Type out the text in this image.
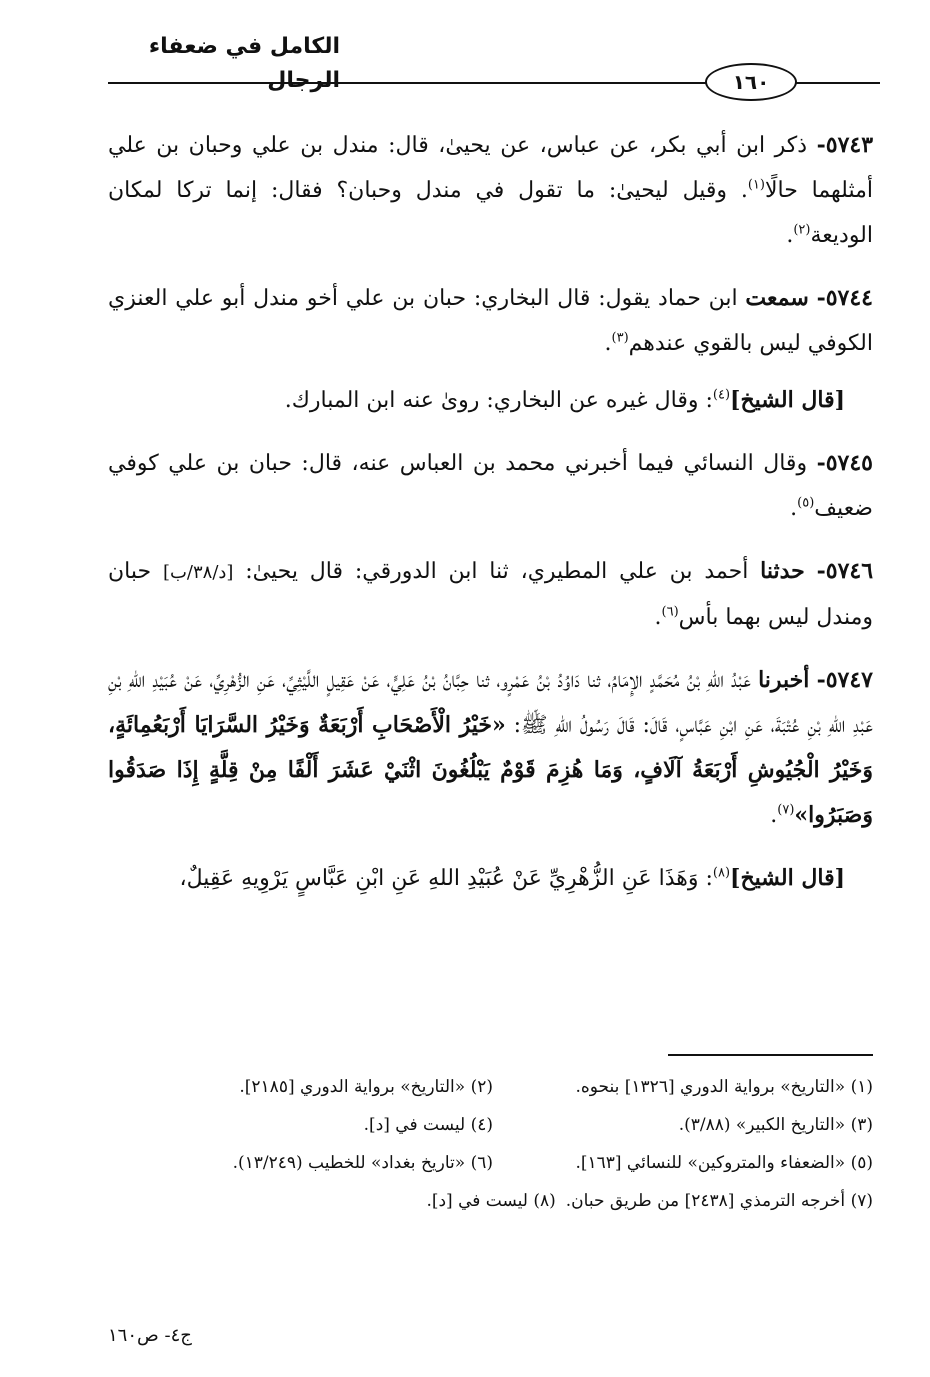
الكامل في ضعفاء الرجال	١٦٠

٥٧٤٣- ذكر ابن أبي بكر، عن عباس، عن يحيىٰ، قال: مندل بن علي وحبان بن علي أمثلهما حالًا$^{(١)}$. وقيل ليحيىٰ: ما تقول في مندل وحبان؟ فقال: إنما تركا لمكان الوديعة$^{(٢)}$.

٥٧٤٤- سمعت ابن حماد يقول: قال البخاري: حبان بن علي أخو مندل أبو علي العنزي الكوفي ليس بالقوي عندهم$^{(٣)}$.

[قال الشيخ]$^{(٤)}$: وقال غيره عن البخاري: روىٰ عنه ابن المبارك.

٥٧٤٥- وقال النسائي فيما أخبرني محمد بن العباس عنه، قال: حبان بن علي كوفي ضعيف$^{(٥)}$.

٥٧٤٦- حدثنا أحمد بن علي المطيري، ثنا ابن الدورقي: قال يحيىٰ: [د/٣٨/ب] حبان ومندل ليس بهما بأس$^{(٦)}$.

٥٧٤٧- أخبرنا عَبْدُ اللهِ بْنُ مُحَمَّدٍ الإِمَامُ، ثنا دَاوُدُ بْنُ عَمْرٍو، ثنا حِبَّانُ بْنُ عَلِيٍّ، عَنْ عَقِيلٍ اللَّيْثِيِّ، عَنِ الزُّهْرِيِّ، عَنْ عُبَيْدِ اللهِ بْنِ عَبْدِ اللهِ بْنِ عُتْبَةَ، عَنِ ابْنِ عَبَّاسٍ، قَالَ: قَالَ رَسُولُ اللهِ ﷺ: «خَيْرُ الْأَصْحَابِ أَرْبَعَةٌ وَخَيْرُ السَّرَايَا أَرْبَعُمِائَةٍ، وَخَيْرُ الْجُيُوشِ أَرْبَعَةُ آلَافٍ، وَمَا هُزِمَ قَوْمٌ يَبْلُغُونَ اثْنَيْ عَشَرَ أَلْفًا مِنْ قِلَّةٍ إِذَا صَدَقُوا وَصَبَرُوا»$^{(٧)}$.

[قال الشيخ]$^{(٨)}$: وَهَذَا عَنِ الزُّهْرِيِّ عَنْ عُبَيْدِ اللهِ عَنِ ابْنِ عَبَّاسٍ يَرْوِيهِ عَقِيلٌ،

(١) «التاريخ» برواية الدوري [١٣٢٦] بنحوه.
(٢) «التاريخ» برواية الدوري [٢١٨٥].
(٣) «التاريخ الكبير» (٣/٨٨).
(٤) ليست في [د].
(٥) «الضعفاء والمتروكين» للنسائي [١٦٣].
(٦) «تاريخ بغداد» للخطيب (١٣/٢٤٩).
(٧) أخرجه الترمذي [٢٤٣٨] من طريق حبان.
(٨) ليست في [د].
ج٤- ص١٦٠
